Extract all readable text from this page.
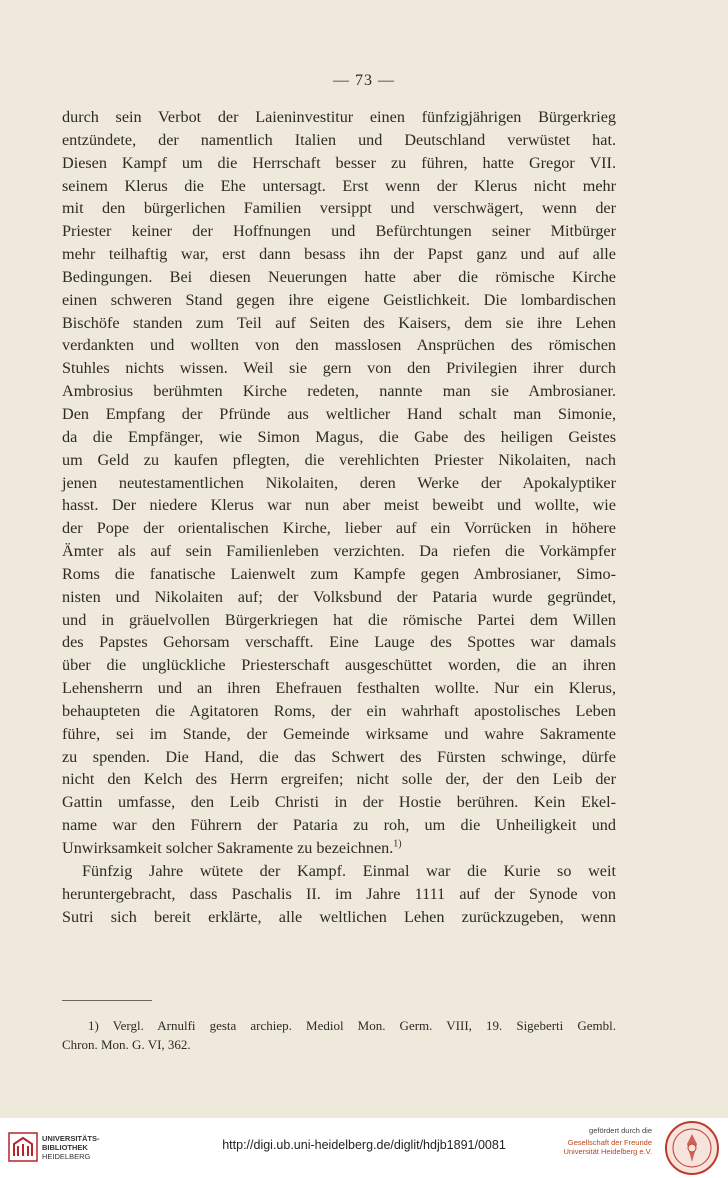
— 73 —
durch sein Verbot der Laieninvestitur einen fünfzigjährigen Bürgerkrieg
entzündete, der namentlich Italien und Deutschland verwüstet hat.
Diesen Kampf um die Herrschaft besser zu führen, hatte Gregor VII.
seinem Klerus die Ehe untersagt. Erst wenn der Klerus nicht mehr
mit den bürgerlichen Familien versippt und verschwägert, wenn der
Priester keiner der Hoffnungen und Befürchtungen seiner Mitbürger
mehr teilhaftig war, erst dann besass ihn der Papst ganz und auf alle
Bedingungen. Bei diesen Neuerungen hatte aber die römische Kirche
einen schweren Stand gegen ihre eigene Geistlichkeit. Die lombardischen
Bischöfe standen zum Teil auf Seiten des Kaisers, dem sie ihre Lehen
verdankten und wollten von den masslosen Ansprüchen des römischen
Stuhles nichts wissen. Weil sie gern von den Privilegien ihrer durch
Ambrosius berühmten Kirche redeten, nannte man sie Ambrosianer.
Den Empfang der Pfründe aus weltlicher Hand schalt man Simonie,
da die Empfänger, wie Simon Magus, die Gabe des heiligen Geistes
um Geld zu kaufen pflegten, die verehlichten Priester Nikolaiten, nach
jenen neutestamentlichen Nikolaiten, deren Werke der Apokalyptiker
hasst. Der niedere Klerus war nun aber meist beweibt und wollte, wie
der Pope der orientalischen Kirche, lieber auf ein Vorrücken in höhere
Ämter als auf sein Familienleben verzichten. Da riefen die Vorkämpfer
Roms die fanatische Laienwelt zum Kampfe gegen Ambrosianer, Simo-
nisten und Nikolaiten auf; der Volksbund der Pataria wurde gegründet,
und in gräuelvollen Bürgerkriegen hat die römische Partei dem Willen
des Papstes Gehorsam verschafft. Eine Lauge des Spottes war damals
über die unglückliche Priesterschaft ausgeschüttet worden, die an ihren
Lehensherrn und an ihren Ehefrauen festhalten wollte. Nur ein Klerus,
behaupteten die Agitatoren Roms, der ein wahrhaft apostolisches Leben
führe, sei im Stande, der Gemeinde wirksame und wahre Sakramente
zu spenden. Die Hand, die das Schwert des Fürsten schwinge, dürfe
nicht den Kelch des Herrn ergreifen; nicht solle der, der den Leib der
Gattin umfasse, den Leib Christi in der Hostie berühren. Kein Ekel-
name war den Führern der Pataria zu roh, um die Unheiligkeit und
Unwirksamkeit solcher Sakramente zu bezeichnen.$^{1)}$
Fünfzig Jahre wütete der Kampf. Einmal war die Kurie so weit
heruntergebracht, dass Paschalis II. im Jahre 1111 auf der Synode von
Sutri sich bereit erklärte, alle weltlichen Lehen zurückzugeben, wenn
1) Vergl. Arnulfi gesta archiep. Mediol Mon. Germ. VIII, 19. Sigeberti Gembl.
Chron. Mon. G. VI, 362.
UNIVERSITÄTS-
BIBLIOTHEK
HEIDELBERG
http://digi.ub.uni-heidelberg.de/diglit/hdjb1891/0081
gefördert durch die
Gesellschaft der Freunde
Universität Heidelberg e.V.
